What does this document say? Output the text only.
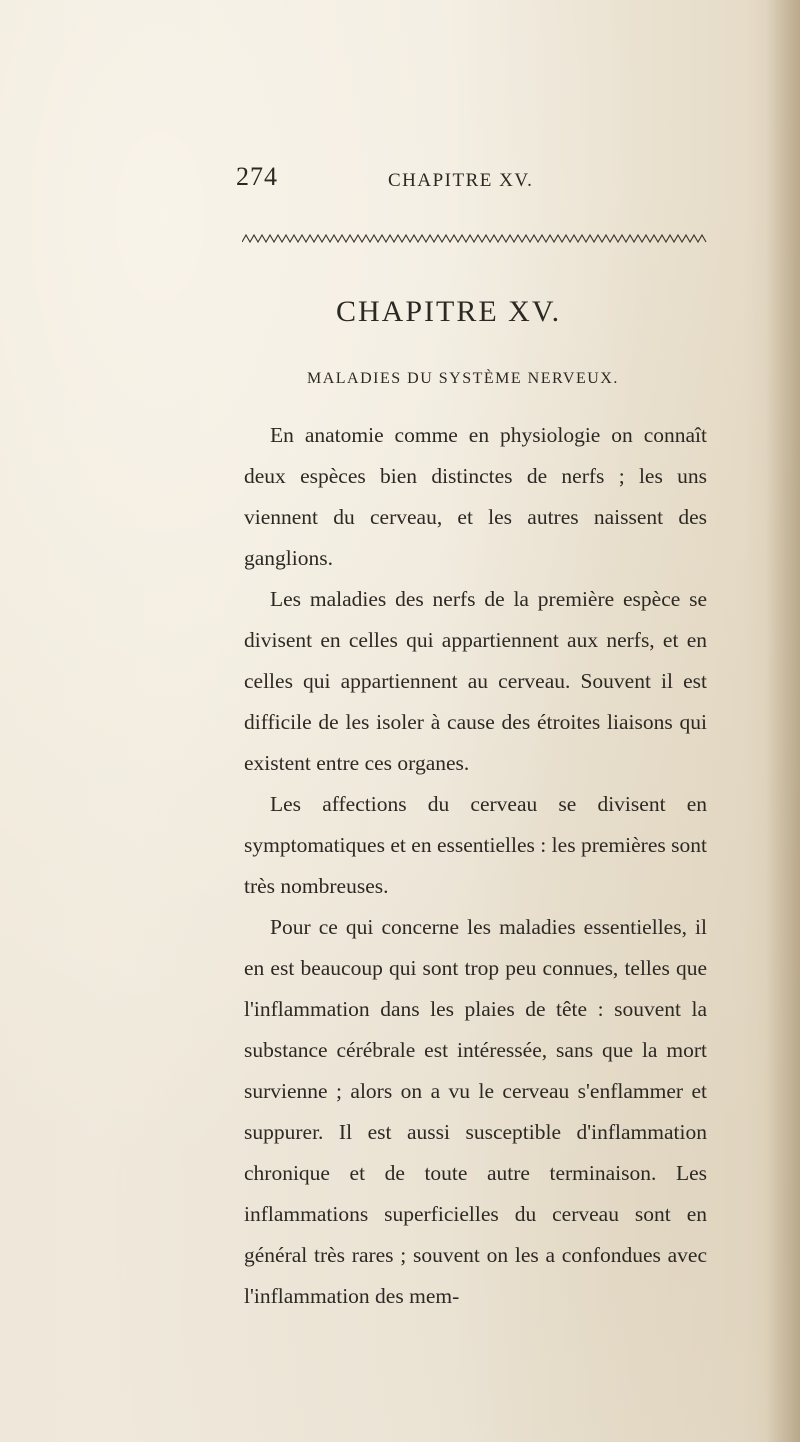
274	CHAPITRE XV.
CHAPITRE XV.
MALADIES DU SYSTÈME NERVEUX.

En anatomie comme en physiologie on connaît deux espèces bien distinctes de nerfs ; les uns viennent du cerveau, et les autres naissent des ganglions.

Les maladies des nerfs de la première espèce se divisent en celles qui appartiennent aux nerfs, et en celles qui appartiennent au cerveau. Souvent il est difficile de les isoler à cause des étroites liaisons qui existent entre ces organes.

Les affections du cerveau se divisent en symptomatiques et en essentielles : les premières sont très nombreuses.

Pour ce qui concerne les maladies essentielles, il en est beaucoup qui sont trop peu connues, telles que l'inflammation dans les plaies de tête : souvent la substance cérébrale est intéressée, sans que la mort survienne ; alors on a vu le cerveau s'enflammer et suppurer. Il est aussi susceptible d'inflammation chronique et de toute autre terminaison. Les inflammations superficielles du cerveau sont en général très rares ; souvent on les a confondues avec l'inflammation des mem-
